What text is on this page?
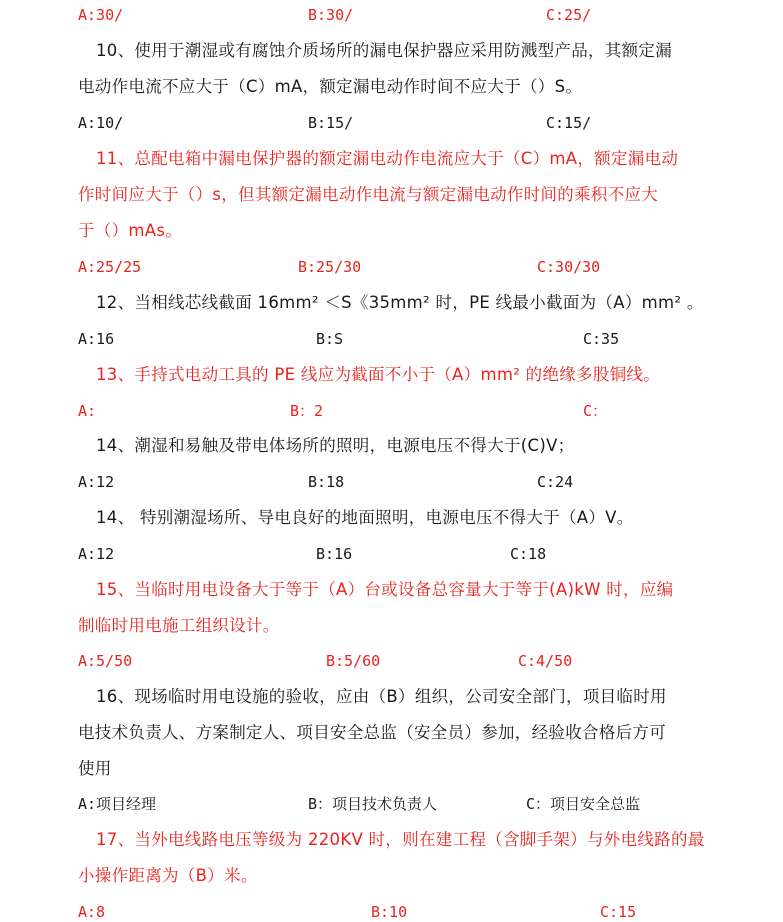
A:30/	B:30/	C:25/
10、使用于潮湿或有腐蚀介质场所的漏电保护器应采用防溅型产品，其额定漏
电动作电流不应大于（C）mA，额定漏电动作时间不应大于（）S。
A:10/	B:15/	C:15/
11、总配电箱中漏电保护器的额定漏电动作电流应大于（C）mA，额定漏电动
作时间应大于（）s，但其额定漏电动作电流与额定漏电动作时间的乘积不应大
于（）mAs。
A:25/25	B:25/30	C:30/30
12、当相线芯线截面 16mm² ＜S《35mm² 时，PE 线最小截面为（A）mm² 。
A:16	B:S	C:35
13、手持式电动工具的 PE 线应为截面不小于（A）mm² 的绝缘多股铜线。
A:	B：2	C：
14、潮湿和易触及带电体场所的照明，电源电压不得大于(C)V；
A:12	B:18	C:24
14、 特别潮湿场所、导电良好的地面照明，电源电压不得大于（A）V。
A:12	B:16	C:18
15、当临时用电设备大于等于（A）台或设备总容量大于等于(A)kW 时，应编
制临时用电施工组织设计。
A:5/50	B:5/60	C:4/50
16、现场临时用电设施的验收，应由（B）组织，公司安全部门，项目临时用
电技术负责人、方案制定人、项目安全总监（安全员）参加，经验收合格后方可
使用
A:项目经理	B：项目技术负责人	C：项目安全总监
17、当外电线路电压等级为 220KV 时，则在建工程（含脚手架）与外电线路的最
小操作距离为（B）米。
A:8	B:10	C:15
